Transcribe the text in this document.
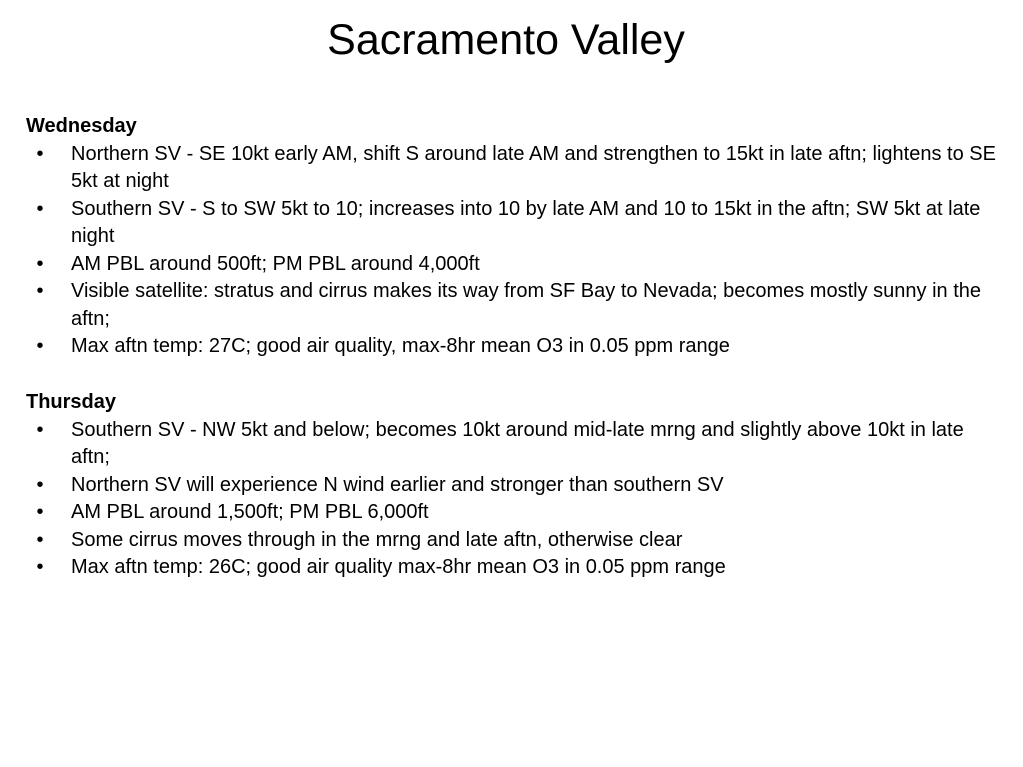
Sacramento Valley

Wednesday

• Northern SV - SE 10kt early AM, shift S around late AM and strengthen to 15kt in late aftn; lightens to SE 5kt at night
• Southern SV - S to SW 5kt to 10; increases into 10 by late AM and 10 to 15kt in the aftn; SW 5kt at late night
• AM PBL around 500ft; PM PBL around 4,000ft
• Visible satellite: stratus and cirrus makes its way from SF Bay to Nevada; becomes mostly sunny in the aftn;
• Max aftn temp: 27C; good air quality, max-8hr mean O3 in 0.05 ppm range

Thursday

• Southern SV - NW 5kt and below; becomes 10kt around mid-late mrng and slightly above 10kt in late aftn;
• Northern SV will experience N wind earlier and stronger than southern SV
• AM PBL around 1,500ft; PM PBL 6,000ft
• Some cirrus moves through in the mrng and late aftn, otherwise clear
• Max aftn temp: 26C; good air quality max-8hr mean O3 in 0.05 ppm range
